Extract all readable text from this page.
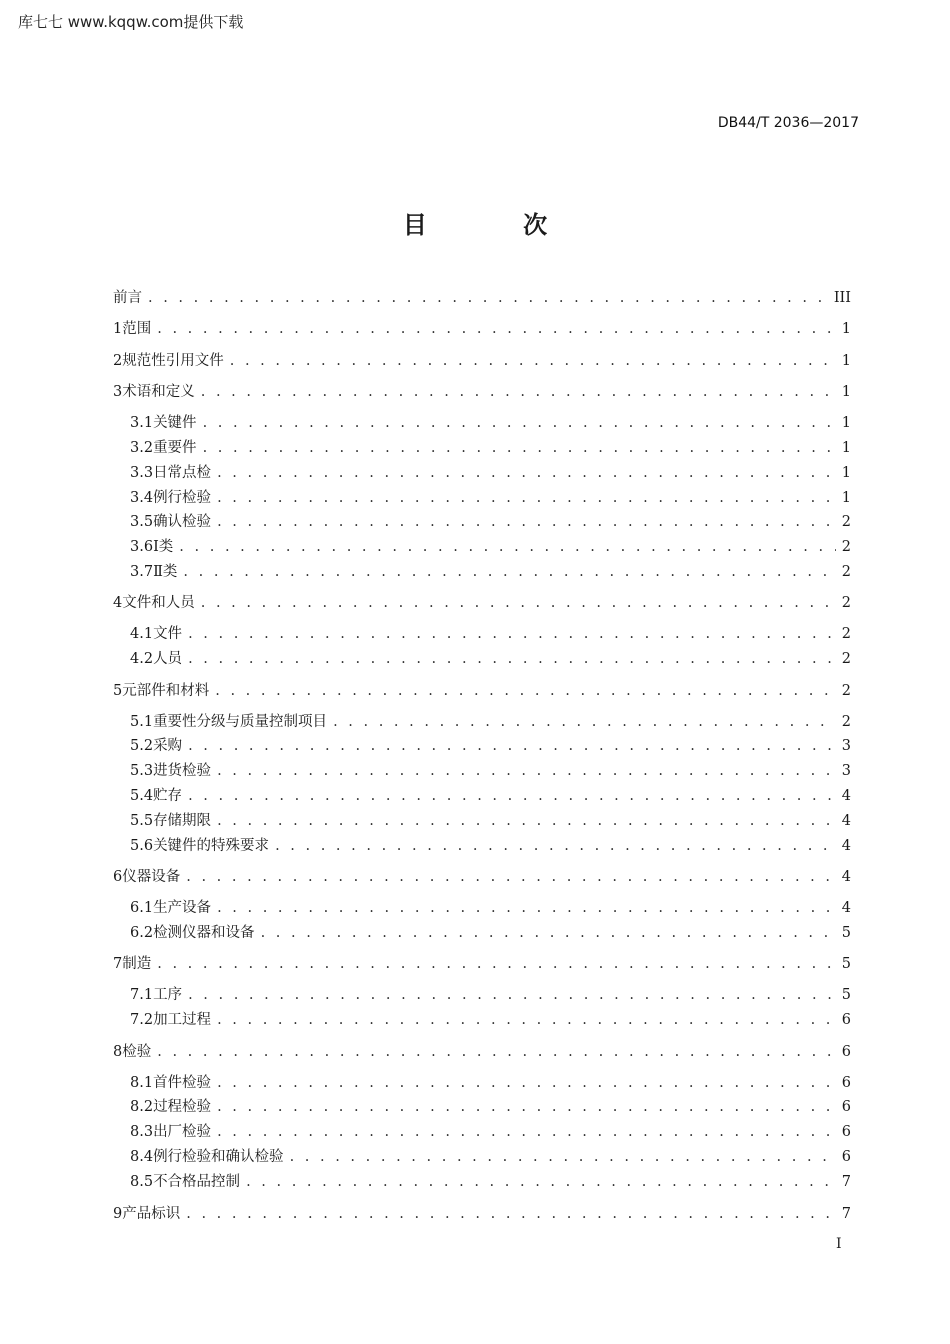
库七七 www.kqqw.com提供下载
DB44/T 2036—2017
目 次
前言 . . .	III
1 范围 . . .	1
2 规范性引用文件 . . .	1
3 术语和定义 . . .	1
3.1 关键件 . . .	1
3.2 重要件 . . .	1
3.3 日常点检 . . .	1
3.4 例行检验 . . .	1
3.5 确认检验 . . .	2
3.6 Ⅰ类 . . .	2
3.7 Ⅱ类 . . .	2
4 文件和人员 . . .	2
4.1 文件 . . .	2
4.2 人员 . . .	2
5 元部件和材料 . . .	2
5.1 重要性分级与质量控制项目 . . .	2
5.2 采购 . . .	3
5.3 进货检验 . . .	3
5.4 贮存 . . .	4
5.5 存储期限 . . .	4
5.6 关键件的特殊要求 . . .	4
6 仪器设备 . . .	4
6.1 生产设备 . . .	4
6.2 检测仪器和设备 . . .	5
7 制造 . . .	5
7.1 工序 . . .	5
7.2 加工过程 . . .	6
8 检验 . . .	6
8.1 首件检验 . . .	6
8.2 过程检验 . . .	6
8.3 出厂检验 . . .	6
8.4 例行检验和确认检验 . . .	6
8.5 不合格品控制 . . .	7
9 产品标识 . . .	7
I
